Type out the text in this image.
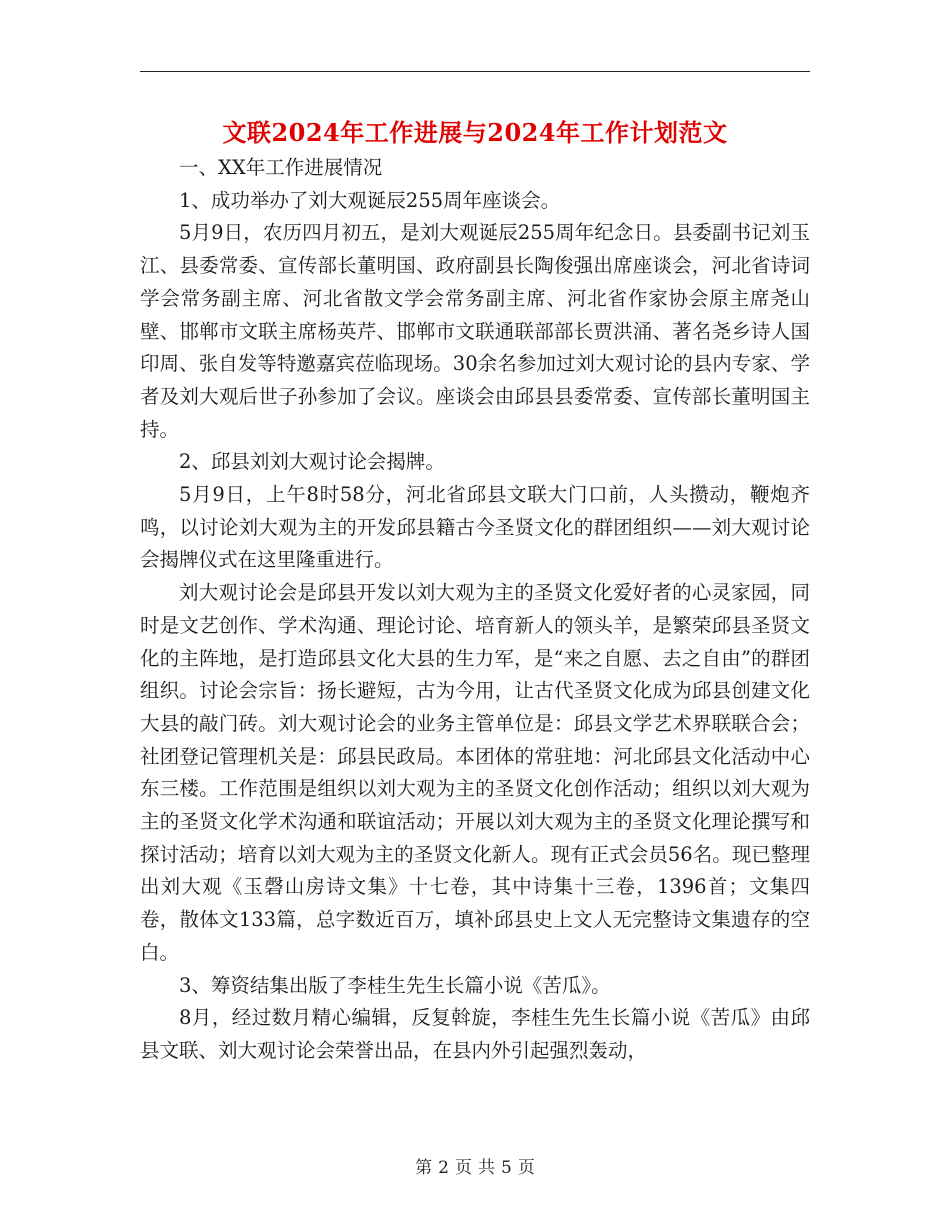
文联2024年工作进展与2024年工作计划范文

一、XX年工作进展情况

1、成功举办了刘大观诞辰255周年座谈会。

5月9日，农历四月初五，是刘大观诞辰255周年纪念日。县委副书记刘玉江、县委常委、宣传部长董明国、政府副县长陶俊强出席座谈会，河北省诗词学会常务副主席、河北省散文学会常务副主席、河北省作家协会原主席尧山壁、邯郸市文联主席杨英芹、邯郸市文联通联部部长贾洪涌、著名尧乡诗人国印周、张自发等特邀嘉宾莅临现场。30余名参加过刘大观讨论的县内专家、学者及刘大观后世子孙参加了会议。座谈会由邱县县委常委、宣传部长董明国主持。

2、邱县刘刘大观讨论会揭牌。

5月9日，上午8时58分，河北省邱县文联大门口前，人头攒动，鞭炮齐鸣，以讨论刘大观为主的开发邱县籍古今圣贤文化的群团组织——刘大观讨论会揭牌仪式在这里隆重进行。

刘大观讨论会是邱县开发以刘大观为主的圣贤文化爱好者的心灵家园，同时是文艺创作、学术沟通、理论讨论、培育新人的领头羊，是繁荣邱县圣贤文化的主阵地，是打造邱县文化大县的生力军，是“来之自愿、去之自由”的群团组织。讨论会宗旨：扬长避短，古为今用，让古代圣贤文化成为邱县创建文化大县的敲门砖。刘大观讨论会的业务主管单位是：邱县文学艺术界联联合会；社团登记管理机关是：邱县民政局。本团体的常驻地：河北邱县文化活动中心东三楼。工作范围是组织以刘大观为主的圣贤文化创作活动；组织以刘大观为主的圣贤文化学术沟通和联谊活动；开展以刘大观为主的圣贤文化理论撰写和探讨活动；培育以刘大观为主的圣贤文化新人。现有正式会员56名。现已整理出刘大观《玉磬山房诗文集》十七卷，其中诗集十三卷，1396首；文集四卷，散体文133篇，总字数近百万，填补邱县史上文人无完整诗文集遗存的空白。

3、筹资结集出版了李桂生先生长篇小说《苦瓜》。

8月，经过数月精心编辑，反复斡旋，李桂生先生长篇小说《苦瓜》由邱县文联、刘大观讨论会荣誉出品，在县内外引起强烈轰动，

第 2 页 共 5 页
